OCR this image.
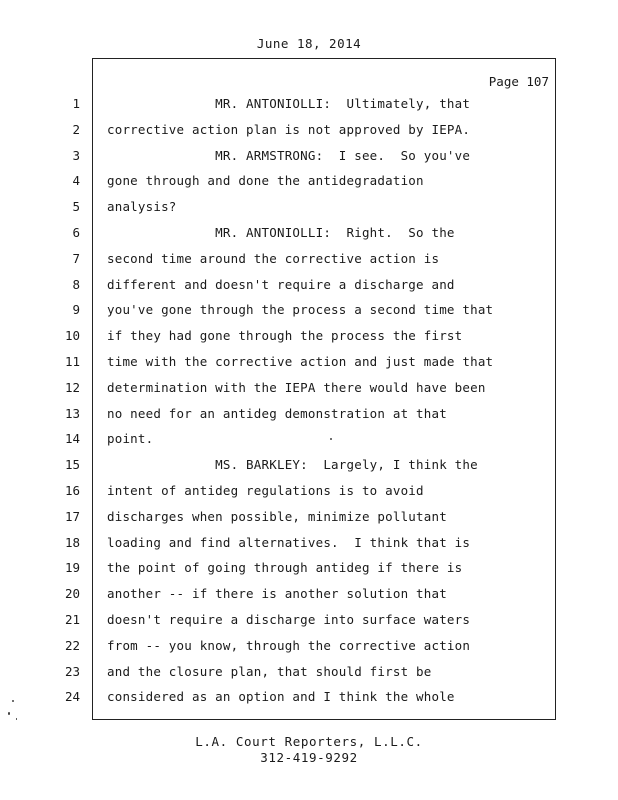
June 18, 2014
Page 107
1 MR. ANTONIOLLI:  Ultimately, that
2 corrective action plan is not approved by IEPA.
3 MR. ARMSTRONG:  I see.  So you've
4 gone through and done the antidegradation
5 analysis?
6 MR. ANTONIOLLI:  Right.  So the
7 second time around the corrective action is
8 different and doesn't require a discharge and
9 you've gone through the process a second time that
10 if they had gone through the process the first
11 time with the corrective action and just made that
12 determination with the IEPA there would have been
13 no need for an antideg demonstration at that
14 point.
15 MS. BARKLEY:  Largely, I think the
16 intent of antideg regulations is to avoid
17 discharges when possible, minimize pollutant
18 loading and find alternatives.  I think that is
19 the point of going through antideg if there is
20 another -- if there is another solution that
21 doesn't require a discharge into surface waters
22 from -- you know, through the corrective action
23 and the closure plan, that should first be
24 considered as an option and I think the whole
L.A. Court Reporters, L.L.C.
312-419-9292
